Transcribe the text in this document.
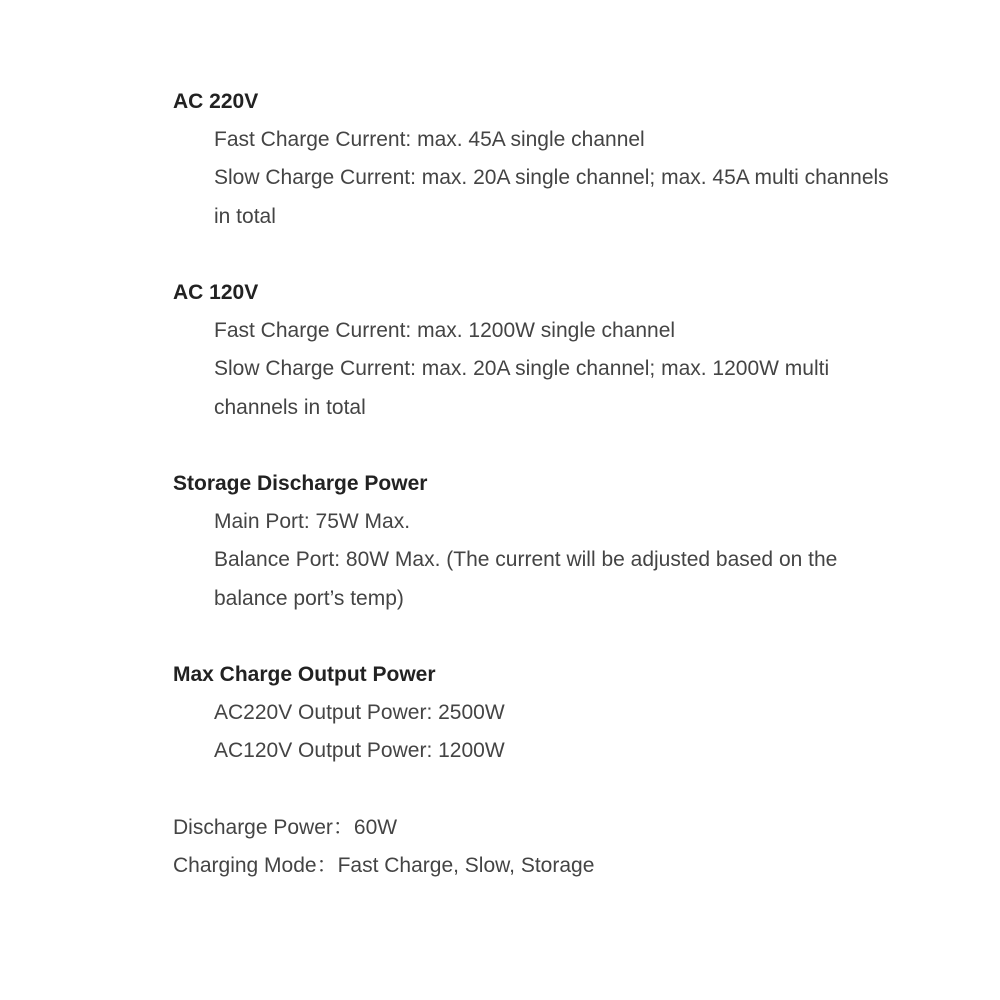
AC 220V
Fast Charge Current: max. 45A single channel
Slow Charge Current: max. 20A single channel; max. 45A multi channels in total
AC 120V
Fast Charge Current: max. 1200W single channel
Slow Charge Current: max. 20A single channel; max. 1200W multi channels in total
Storage Discharge Power
Main Port: 75W Max.
Balance Port: 80W Max. (The current will be adjusted based on the balance port’s temp)
Max Charge Output Power
AC220V Output Power: 2500W
AC120V Output Power: 1200W
Discharge Power：60W
Charging Mode：Fast Charge, Slow, Storage
